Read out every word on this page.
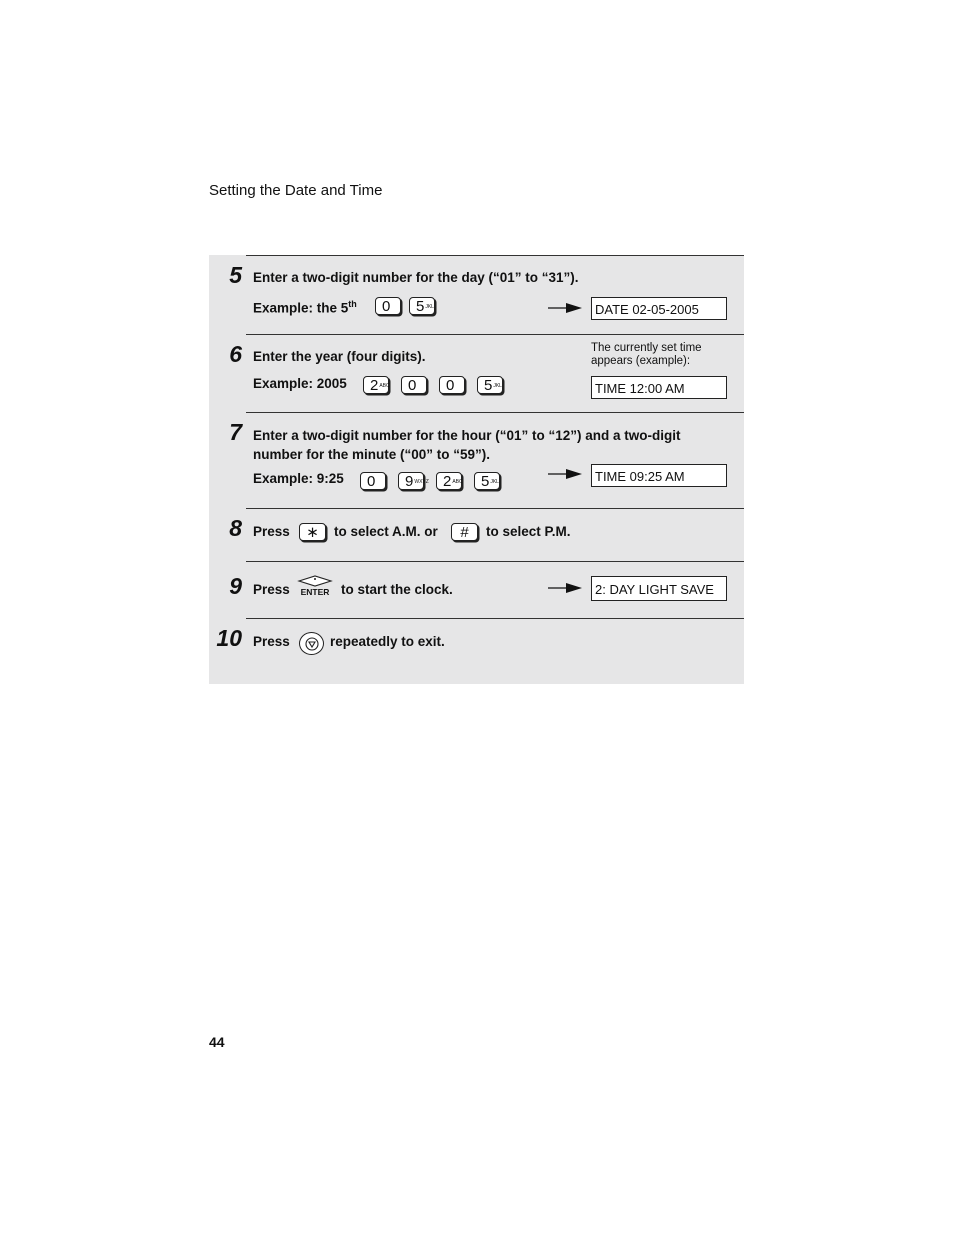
Setting the Date and Time
5 Enter a two-digit number for the day (“01” to “31”).
Example: the 5th 0 5 JKL	DATE 02-05-2005
6 Enter the year (four digits).
Example: 2005 2 ABC 0 0 5 JKL
The currently set time appears (example):
TIME 12:00 AM
7 Enter a two-digit number for the hour (“01” to “12”) and a two-digit
number for the minute (“00” to “59”).
Example: 9:25 0 9 WXYZ 2 ABC 5 JKL	TIME 09:25 AM
8 Press ∗ to select A.M. or # to select P.M.
9 Press ENTER to start the clock.	2: DAY LIGHT SAVE
10 Press	repeatedly to exit.
44
